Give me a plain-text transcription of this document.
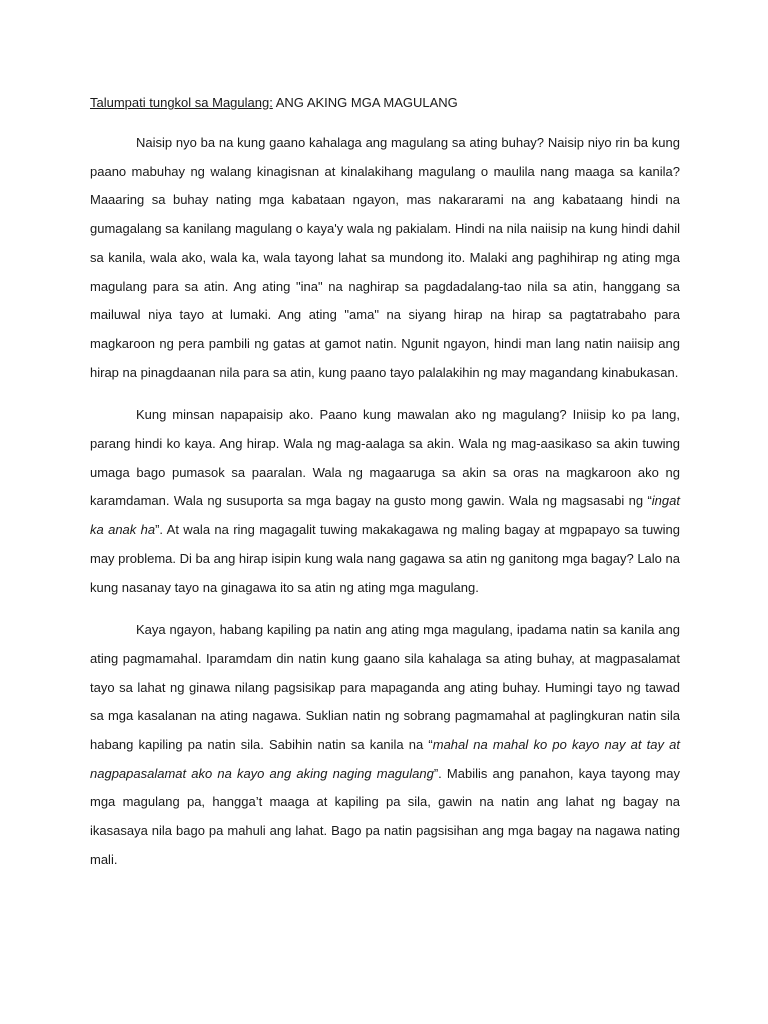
Talumpati tungkol sa Magulang: ANG AKING MGA MAGULANG

Naisip nyo ba na kung gaano kahalaga ang magulang sa ating buhay? Naisip niyo rin ba kung paano mabuhay ng walang kinagisnan at kinalakihang magulang o maulila nang maaga sa kanila? Maaaring sa buhay nating mga kabataan ngayon, mas nakararami na ang kabataang hindi na gumagalang sa kanilang magulang o kaya'y wala ng pakialam. Hindi na nila naiisip na kung hindi dahil sa kanila, wala ako, wala ka, wala tayong lahat sa mundong ito. Malaki ang paghihirap ng ating mga magulang para sa atin. Ang ating "ina" na naghirap sa pagdadalang-tao nila sa atin, hanggang sa mailuwal niya tayo at lumaki. Ang ating "ama" na siyang hirap na hirap sa pagtatrabaho para magkaroon ng pera pambili ng gatas at gamot natin. Ngunit ngayon, hindi man lang natin naiisip ang hirap na pinagdaanan nila para sa atin, kung paano tayo palalakihin ng may magandang kinabukasan.

Kung minsan napapaisip ako. Paano kung mawalan ako ng magulang? Iniisip ko pa lang, parang hindi ko kaya. Ang hirap. Wala ng mag-aalaga sa akin. Wala ng mag-aasikaso sa akin tuwing umaga bago pumasok sa paaralan. Wala ng magaaruga sa akin sa oras na magkaroon ako ng karamdaman. Wala ng susuporta sa mga bagay na gusto mong gawin. Wala ng magsasabi ng “ingat ka anak ha”. At wala na ring magagalit tuwing makakagawa ng maling bagay at mgpapayo sa tuwing may problema. Di ba ang hirap isipin kung wala nang gagawa sa atin ng ganitong mga bagay? Lalo na kung nasanay tayo na ginagawa ito sa atin ng ating mga magulang.

Kaya ngayon, habang kapiling pa natin ang ating mga magulang, ipadama natin sa kanila ang ating pagmamahal. Iparamdam din natin kung gaano sila kahalaga sa ating buhay, at magpasalamat tayo sa lahat ng ginawa nilang pagsisikap para mapaganda ang ating buhay. Humingi tayo ng tawad sa mga kasalanan na ating nagawa. Suklian natin ng sobrang pagmamahal at paglingkuran natin sila habang kapiling pa natin sila. Sabihin natin sa kanila na “mahal na mahal ko po kayo nay at tay at nagpapasalamat ako na kayo ang aking naging magulang”. Mabilis ang panahon, kaya tayong may mga magulang pa, hangga’t maaga at kapiling pa sila, gawin na natin ang lahat ng bagay na ikasasaya nila bago pa mahuli ang lahat. Bago pa natin pagsisihan ang mga bagay na nagawa nating mali.
